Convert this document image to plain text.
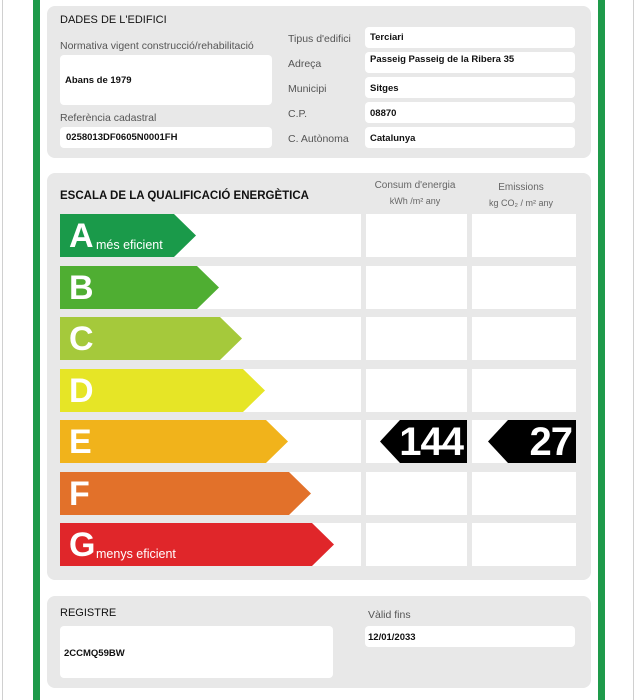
DADES DE L'EDIFICI
Normativa vigent construcció/rehabilitació
Abans de 1979
Referència cadastral
0258013DF0605N0001FH
Tipus d'edifici Terciari
Adreça	Passeig Passeig de la Ribera 35
Municipi	Sitges
C.P.	08870
C. Autònoma Catalunya
ESCALA DE LA QUALIFICACIÓ ENERGÈTICA
Consum d'energia
kWh /m² any
Emissions
kg CO₂ / m² any
A més eficient
B
C
D
E	144	27
F
G menys eficient
REGISTRE
2CCMQ59BW
Vàlid fins
12/01/2033
